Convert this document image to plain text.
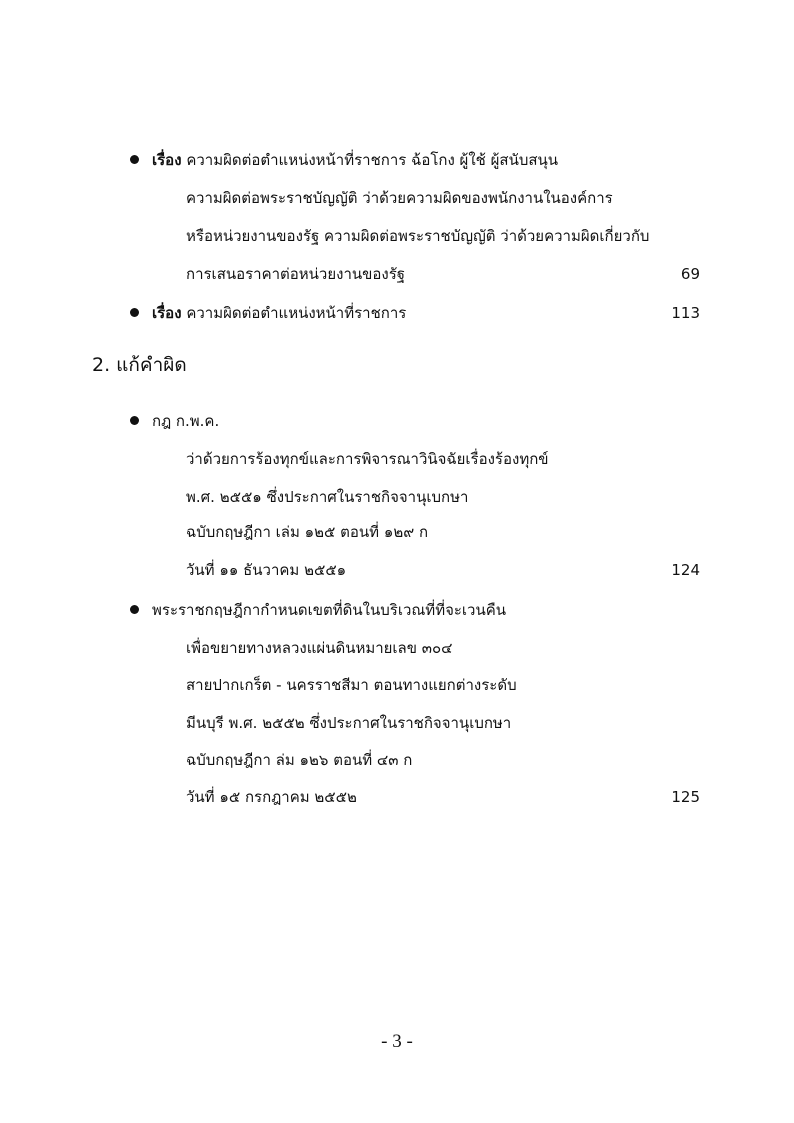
เรื่อง ความผิดต่อตำแหน่งหน้าที่ราชการ ฉ้อโกง ผู้ใช้ ผู้สนับสนุน
ความผิดต่อพระราชบัญญัติ ว่าด้วยความผิดของพนักงานในองค์การ
หรือหน่วยงานของรัฐ ความผิดต่อพระราชบัญญัติ ว่าด้วยความผิดเกี่ยวกับ
การเสนอราคาต่อหน่วยงานของรัฐ	69
เรื่อง ความผิดต่อตำแหน่งหน้าที่ราชการ	113
2. แก้คำผิด
กฎ ก.พ.ค.
ว่าด้วยการร้องทุกข์และการพิจารณาวินิจฉัยเรื่องร้องทุกข์
พ.ศ. ๒๕๕๑ ซึ่งประกาศในราชกิจจานุเบกษา
ฉบับกฤษฎีกา เล่ม ๑๒๕ ตอนที่ ๑๒๙ ก
วันที่ ๑๑ ธันวาคม ๒๕๕๑	124
พระราชกฤษฎีกากำหนดเขตที่ดินในบริเวณที่ที่จะเวนคืน
เพื่อขยายทางหลวงแผ่นดินหมายเลข ๓๐๔
สายปากเกร็ต - นครราชสีมา ตอนทางแยกต่างระดับ
มีนบุรี พ.ศ. ๒๕๕๒ ซึ่งประกาศในราชกิจจานุเบกษา
ฉบับกฤษฎีกา ล่ม ๑๒๖ ตอนที่ ๔๓ ก
วันที่ ๑๕ กรกฎาคม ๒๕๕๒	125
- 3 -
